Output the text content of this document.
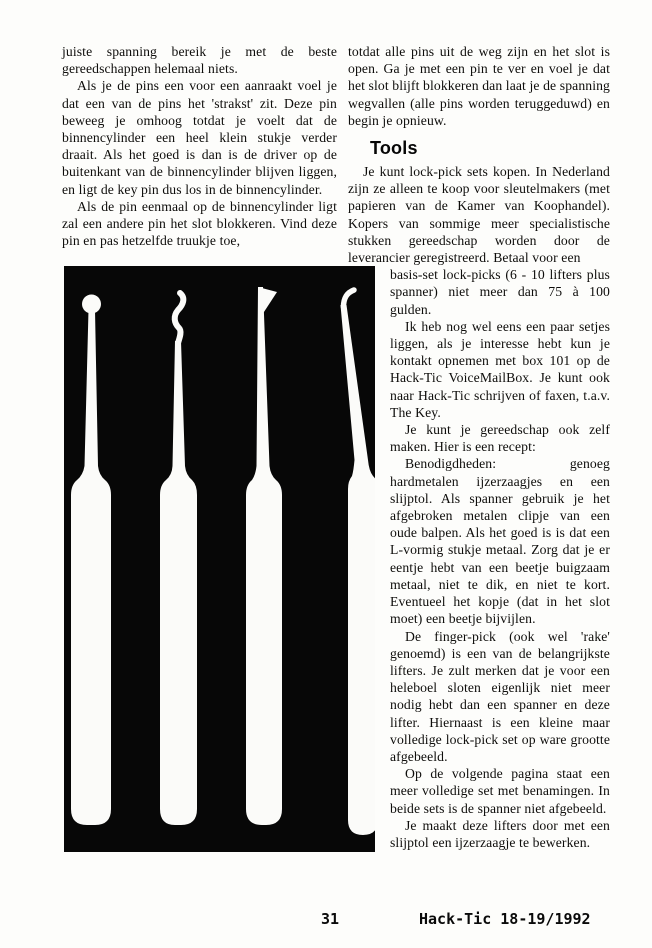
juiste spanning bereik je met de beste gereedschappen helemaal niets.

Als je de pins een voor een aanraakt voel je dat een van de pins het 'strakst' zit. Deze pin beweeg je omhoog totdat je voelt dat de binnencylinder een heel klein stukje verder draait. Als het goed is dan is de driver op de buitenkant van de binnencylinder blijven liggen, en ligt de key pin dus los in de binnencylinder.

Als de pin eenmaal op de binnencylinder ligt zal een andere pin het slot blokkeren. Vind deze pin en pas hetzelfde truukje toe,

totdat alle pins uit de weg zijn en het slot is open. Ga je met een pin te ver en voel je dat het slot blijft blokkeren dan laat je de spanning wegvallen (alle pins worden teruggeduwd) en begin je opnieuw.

Tools

Je kunt lock-pick sets kopen. In Nederland zijn ze alleen te koop voor sleutelmakers (met papieren van de Kamer van Koophandel). Kopers van sommige meer specialistische stukken gereedschap worden door de leverancier geregistreerd. Betaal voor een

basis-set lock-picks (6 - 10 lifters plus spanner) niet meer dan 75 à 100 gulden.

Ik heb nog wel eens een paar setjes liggen, als je interesse hebt kun je kontakt opnemen met box 101 op de Hack-Tic VoiceMailBox. Je kunt ook naar Hack-Tic schrijven of faxen, t.a.v. The Key.

Je kunt je gereedschap ook zelf maken. Hier is een recept:

Benodigdheden: genoeg hardmetalen ijzerzaagjes en een slijptol. Als spanner gebruik je het afgebroken metalen clipje van een oude balpen. Als het goed is is dat een L-vormig stukje metaal. Zorg dat je er eentje hebt van een beetje buigzaam metaal, niet te dik, en niet te kort. Eventueel het kopje (dat in het slot moet) een beetje bijvijlen.

De finger-pick (ook wel 'rake' genoemd) is een van de belangrijkste lifters. Je zult merken dat je voor een heleboel sloten eigenlijk niet meer nodig hebt dan een spanner en deze lifter. Hiernaast is een kleine maar volledige lock-pick set op ware grootte afgebeeld.

Op de volgende pagina staat een meer volledige set met benamingen. In beide sets is de spanner niet afgebeeld.

Je maakt deze lifters door met een slijptol een ijzerzaagje te bewerken.

31	Hack-Tic 18-19/1992
